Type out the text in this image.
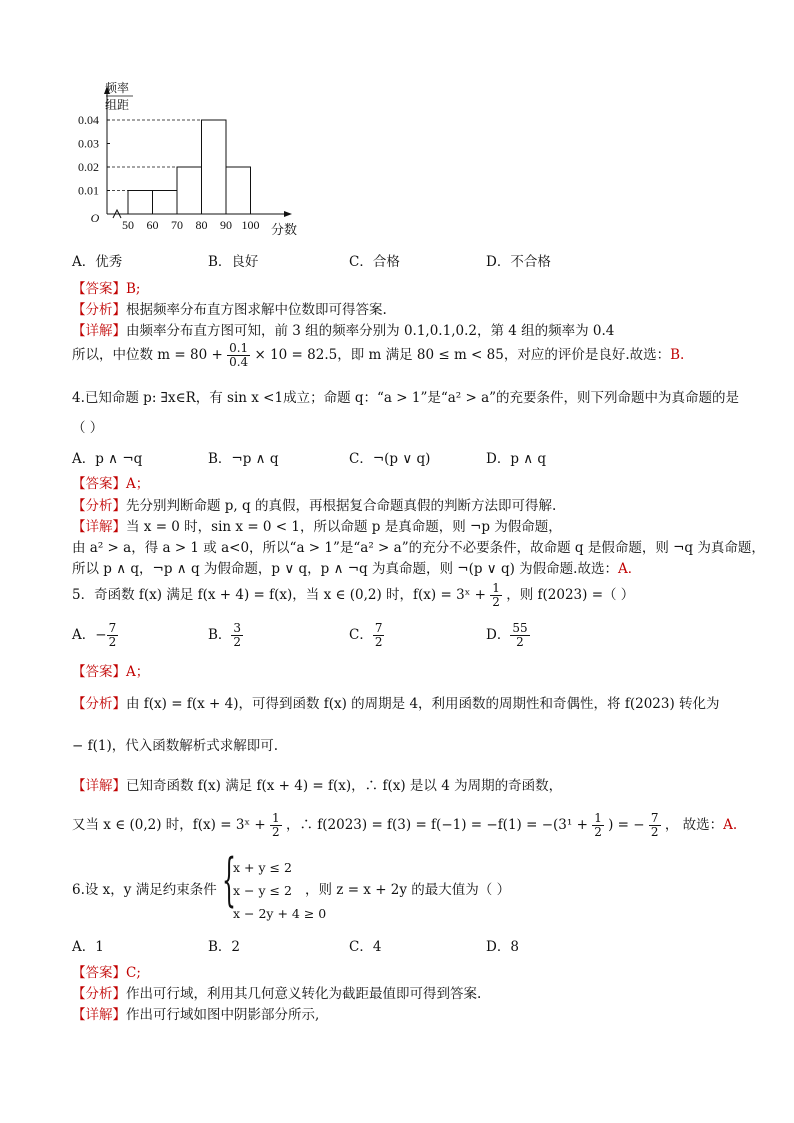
频率
组距
0.01
0.02
0.03
0.04
50 60 70 80 90 100
O
分数
A．优秀	B．良好	C．合格	D．不合格
【答案】B;
【分析】根据频率分布直方图求解中位数即可得答案.
【详解】由频率分布直方图可知，前 3 组的频率分别为 0.1,0.1,0.2，第 4 组的频率为 0.4
所以，中位数 $m = 80 + \frac{0.1}{0.4} \times 10 = 82.5$，即 m 满足 80 ≤ m < 85，对应的评价是良好.故选：B.
4.已知命题 p: ∃x∈R，有 sin x <1成立；命题 q：“a > 1”是“a² > a”的充要条件，则下列命题中为真命题的是
（ ）
A．p ∧ ¬q	B．¬p ∧ q	C．¬(p ∨ q)	D．p ∧ q
【答案】A；
【分析】先分别判断命题 p, q 的真假，再根据复合命题真假的判断方法即可得解.
【详解】当 x = 0 时，sin x = 0 < 1，所以命题 p 是真命题，则 ¬p 为假命题，
由 a² > a，得 a > 1 或 a<0，所以“a > 1”是“a² > a”的充分不必要条件，故命题 q 是假命题，则 ¬q 为真命题，
所以 p ∧ q，¬p ∧ q 为假命题，p ∨ q，p ∧ ¬q 为真命题，则 ¬(p ∨ q) 为假命题.故选：A．
5．奇函数 f(x) 满足 f(x + 4) = f(x)，当 x ∈ (0,2) 时，f(x) = 3ˣ + $\frac{1}{2}$ ，则 f(2023) =（ ）
A．− $\frac{7}{2}$	B． $\frac{3}{2}$	C． $\frac{7}{2}$	D． $\frac{55}{2}$
【答案】A；
【分析】由 f(x) = f(x + 4)，可得到函数 f(x) 的周期是 4，利用函数的周期性和奇偶性，将 f(2023) 转化为
− f(1)，代入函数解析式求解即可.
【详解】已知奇函数 f(x) 满足 f(x + 4) = f(x)，∴ f(x) 是以 4 为周期的奇函数，
又当 x ∈ (0,2) 时，f(x) = 3ˣ + $\frac{1}{2}$ ，∴ $f(2023) = f(3) = f(-1) = -f(1) = -(3^1 + \frac{1}{2}$ ) = − $\frac{7}{2}$ ， 故选：A.
6.设 x，y 满足约束条件 {
x + y ≤ 2
x − y ≤ 2
x − 2y + 4 ≥ 0
，则 z = x + 2y 的最大值为（ ）
A．1	B．2	C．4	D．8
【答案】C;
【分析】作出可行域，利用其几何意义转化为截距最值即可得到答案.
【详解】作出可行域如图中阴影部分所示,
